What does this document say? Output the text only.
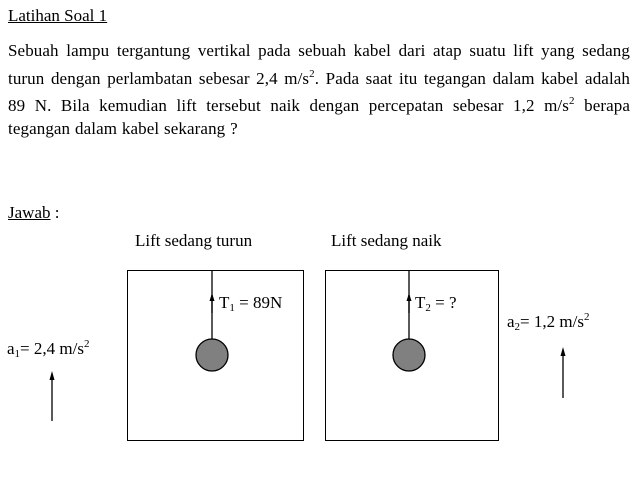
Latihan Soal 1
Sebuah lampu tergantung vertikal pada sebuah kabel dari atap suatu lift yang sedang turun dengan perlambatan sebesar 2,4 $m/s^2$. Pada saat itu tegangan dalam kabel adalah 89 N. Bila kemudian lift tersebut naik dengan percepatan sebesar 1,2 $m/s^2$ berapa tegangan dalam kabel sekarang ?
Jawab :
Lift sedang turun	Lift sedang naik
$T_1 = 89N$	$T_2$ = ?
$a_1= 2,4$ $m/s^2$
$a_2= 1,2$ $m/s^2$
